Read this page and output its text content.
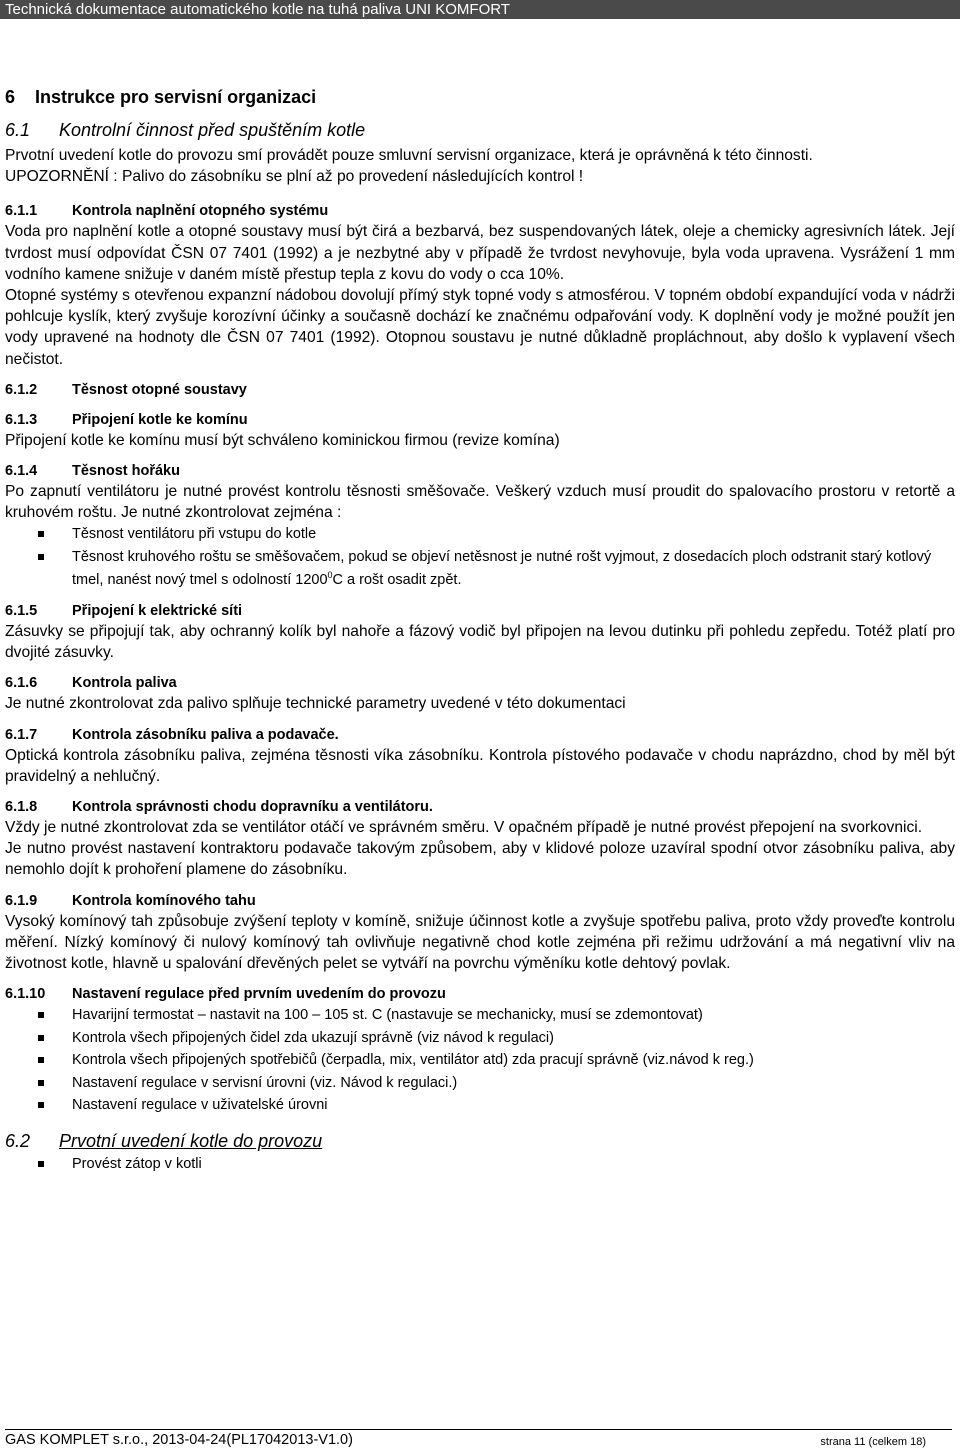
Technická dokumentace automatického kotle na tuhá paliva UNI KOMFORT
6 Instrukce pro servisní organizaci
6.1 Kontrolní činnost před spuštěním kotle

Prvotní uvedení kotle do provozu smí provádět pouze smluvní servisní organizace, která je oprávněná k této činnosti.

UPOZORNĚNÍ : Palivo do zásobníku se plní až po provedení následujících kontrol !

6.1.1 Kontrola naplnění otopného systému

Voda pro naplnění kotle a otopné soustavy musí být čirá a bezbarvá, bez suspendovaných látek, oleje a chemicky agresivních látek. Její tvrdost musí odpovídat ČSN 07 7401 (1992) a je nezbytné aby v případě že tvrdost nevyhovuje, byla voda upravena. Vysrážení 1 mm vodního kamene snižuje v daném místě přestup tepla z kovu do vody o cca 10%.

Otopné systémy s otevřenou expanzní nádobou dovolují přímý styk topné vody s atmosférou. V topném období expandující voda v nádrži pohlcuje kyslík, který zvyšuje korozívní účinky a současně dochází ke značnému odpařování vody. K doplnění vody je možné použít jen vody upravené na hodnoty dle ČSN 07 7401 (1992). Otopnou soustavu je nutné důkladně propláchnout, aby došlo k vyplavení všech nečistot.

6.1.2 Těsnost otopné soustavy
6.1.3 Připojení kotle ke komínu

Připojení kotle ke komínu musí být schváleno kominickou firmou (revize komína)

6.1.4 Těsnost hořáku

Po zapnutí ventilátoru je nutné provést kontrolu těsnosti směšovače. Veškerý vzduch musí proudit do spalovacího prostoru v retortě a kruhovém roštu. Je nutné zkontrolovat zejména :

Těsnost ventilátoru při vstupu do kotle
Těsnost kruhového roštu se směšovačem, pokud se objeví netěsnost je nutné rošt vyjmout, z dosedacích ploch odstranit starý kotlový tmel, nanést nový tmel s odolností 1200$^0$C a rošt osadit zpět.
6.1.5 Připojení k elektrické síti

Zásuvky se připojují tak, aby ochranný kolík byl nahoře a fázový vodič byl připojen na levou dutinku při pohledu zepředu. Totéž platí pro dvojité zásuvky.

6.1.6 Kontrola paliva

Je nutné zkontrolovat zda palivo splňuje technické parametry uvedené v této dokumentaci

6.1.7 Kontrola zásobníku paliva a podavače.

Optická kontrola zásobníku paliva, zejména těsnosti víka zásobníku. Kontrola pístového podavače v chodu naprázdno, chod by měl být pravidelný a nehlučný.

6.1.8 Kontrola správnosti chodu dopravníku a ventilátoru.

Vždy je nutné zkontrolovat zda se ventilátor otáčí ve správném směru. V opačném případě je nutné provést přepojení na svorkovnici.

Je nutno provést nastavení kontraktoru podavače takovým způsobem, aby v klidové poloze uzavíral spodní otvor zásobníku paliva, aby nemohlo dojít k prohoření plamene do zásobníku.

6.1.9 Kontrola komínového tahu

Vysoký komínový tah způsobuje zvýšení teploty v komíně, snižuje účinnost kotle a zvyšuje spotřebu paliva, proto vždy proveďte kontrolu měření. Nízký komínový či nulový komínový tah ovlivňuje negativně chod kotle zejména při režimu udržování a má negativní vliv na životnost kotle, hlavně u spalování dřevěných pelet se vytváří na povrchu výměníku kotle dehtový povlak.

6.1.10 Nastavení regulace před prvním uvedením do provozu
Havarijní termostat – nastavit na 100 – 105 st. C (nastavuje se mechanicky, musí se zdemontovat)
Kontrola všech připojených čidel zda ukazují správně (viz návod k regulaci)
Kontrola všech připojených spotřebičů (čerpadla, mix, ventilátor atd) zda pracují správně (viz.návod k reg.)
Nastavení regulace v servisní úrovni (viz. Návod k regulaci.)
Nastavení regulace v uživatelské úrovni
6.2 Prvotní uvedení kotle do provozu
Provést zátop v kotli
GAS KOMPLET s.r.o., 2013-04-24(PL17042013-V1.0)	strana 11 (celkem 18)
